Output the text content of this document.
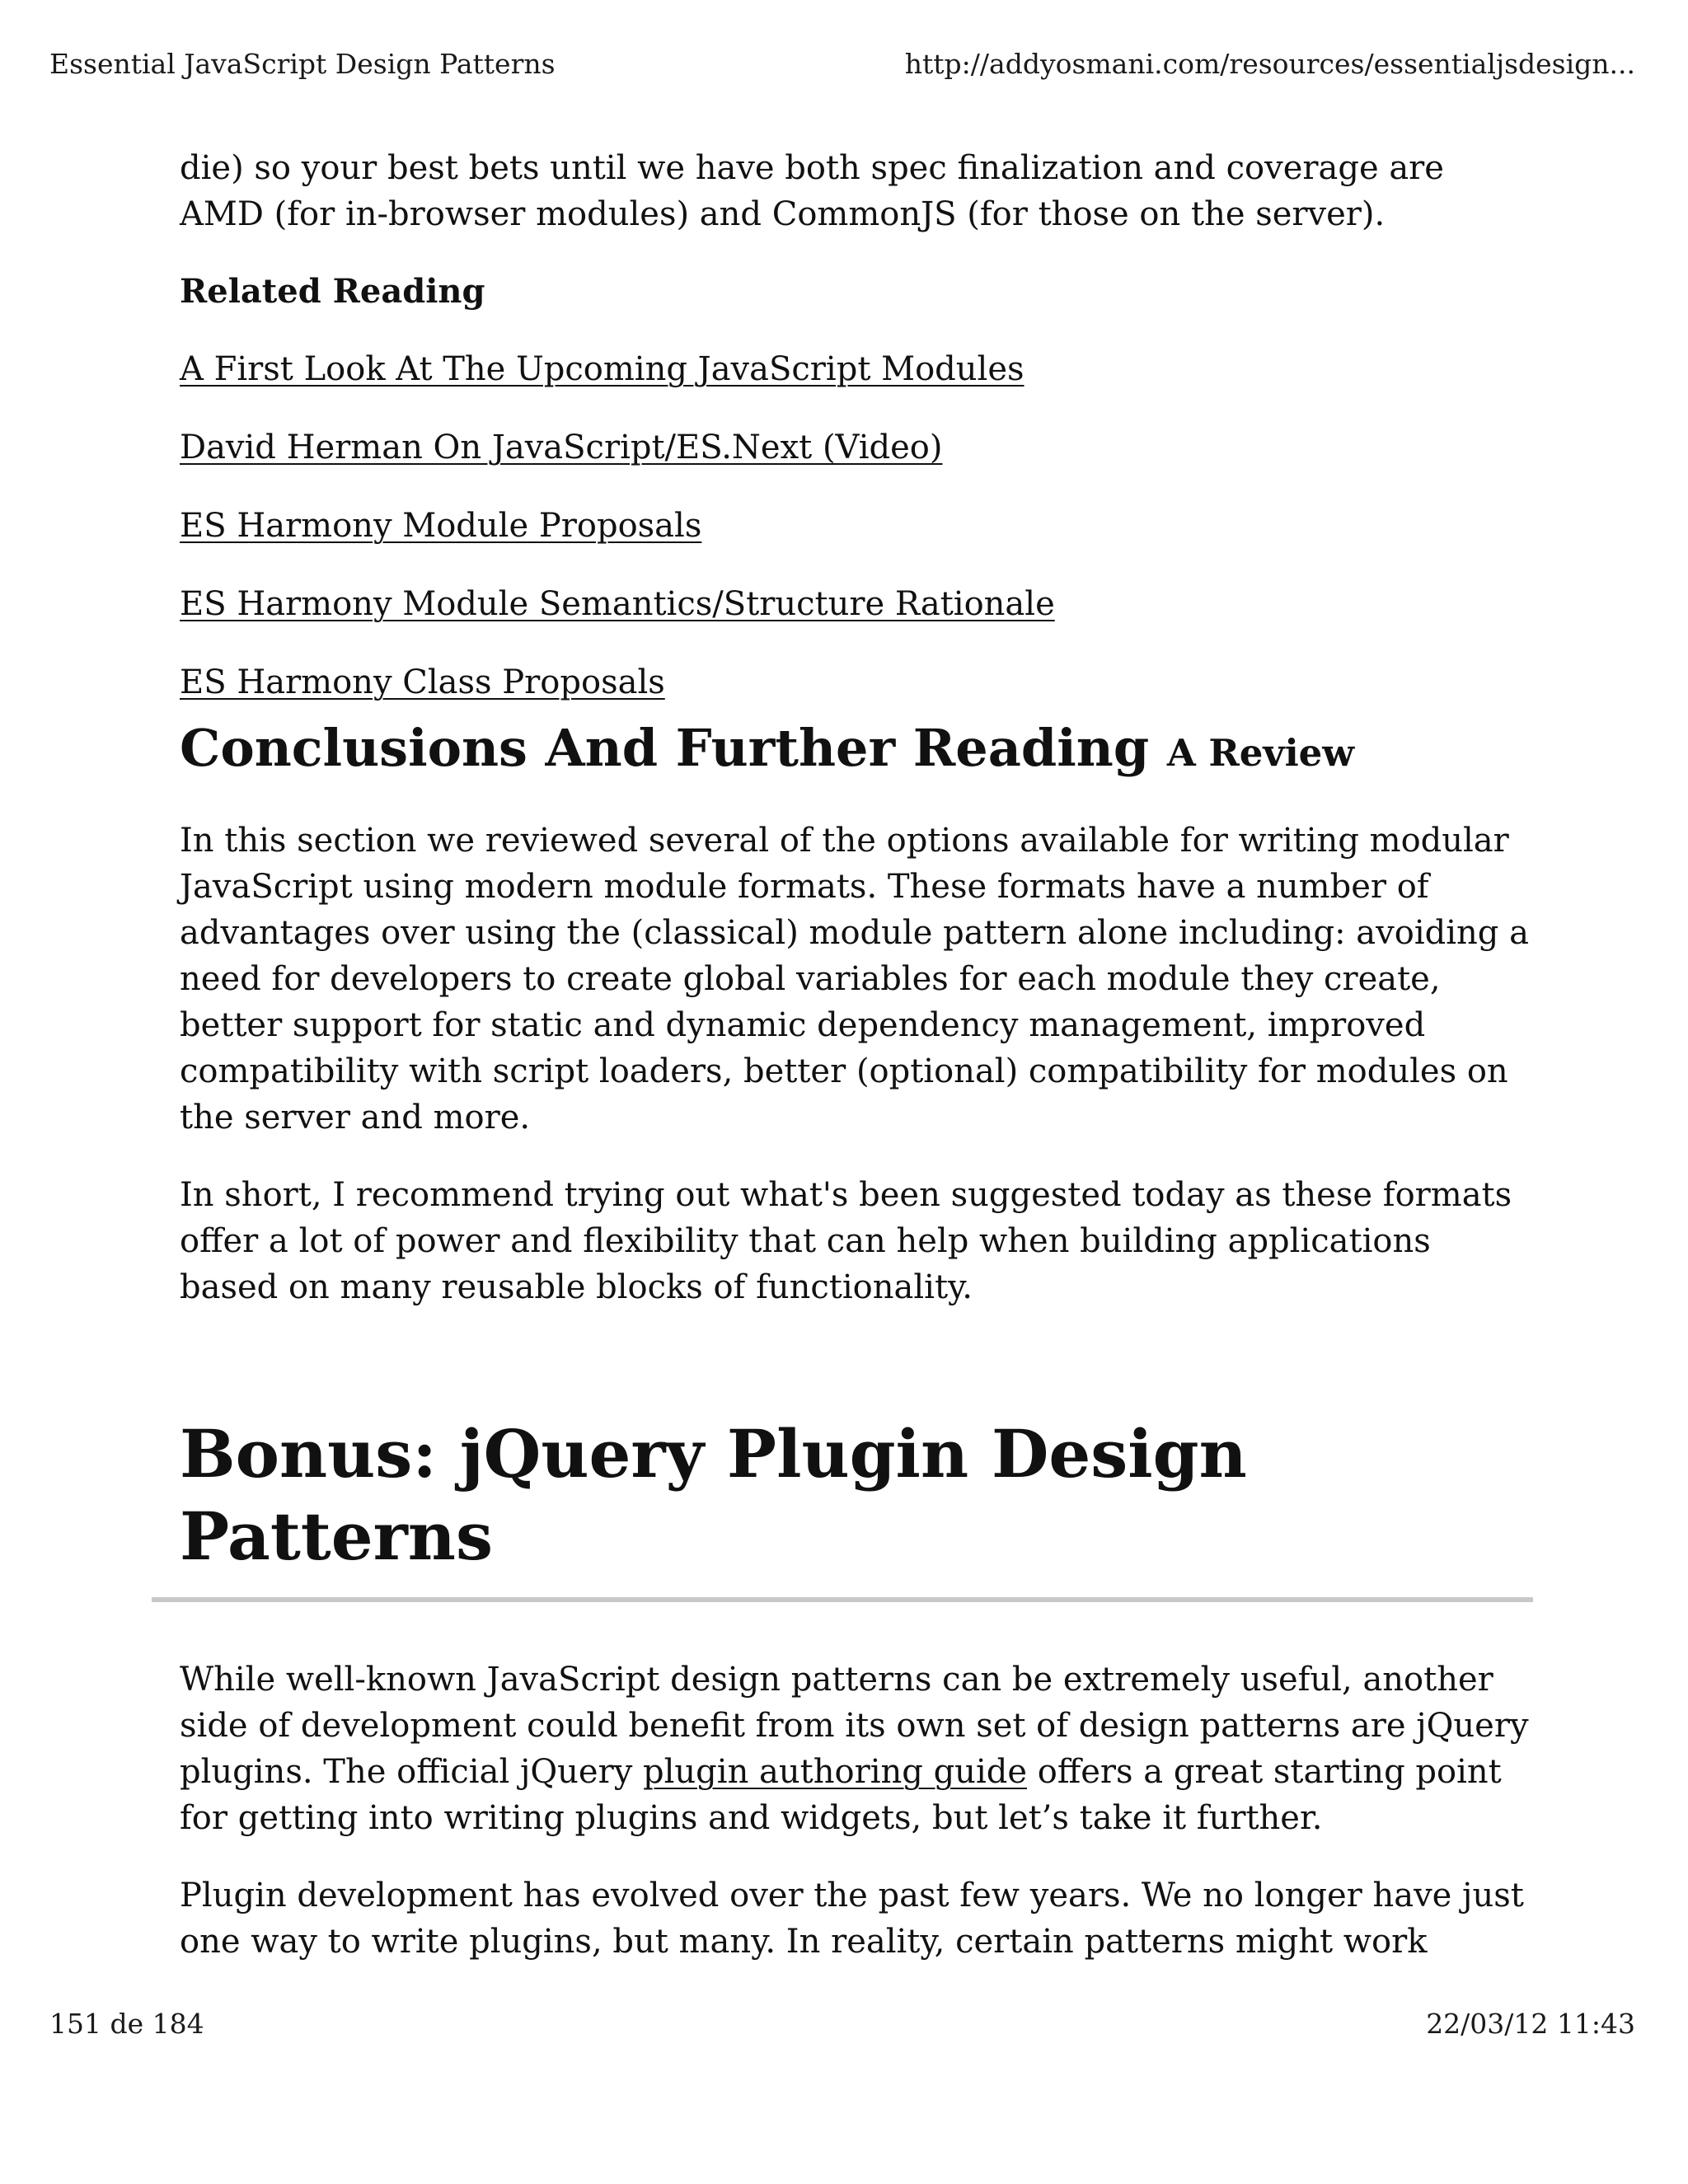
Essential JavaScript Design Patterns	http://addyosmani.com/resources/essentialjsdesign...

die) so your best bets until we have both spec finalization and coverage are AMD (for in-browser modules) and CommonJS (for those on the server).

Related Reading
A First Look At The Upcoming JavaScript Modules
David Herman On JavaScript/ES.Next (Video)
ES Harmony Module Proposals
ES Harmony Module Semantics/Structure Rationale
ES Harmony Class Proposals
Conclusions And Further Reading A Review

In this section we reviewed several of the options available for writing modular JavaScript using modern module formats. These formats have a number of advantages over using the (classical) module pattern alone including: avoiding a need for developers to create global variables for each module they create, better support for static and dynamic dependency management, improved compatibility with script loaders, better (optional) compatibility for modules on the server and more.

In short, I recommend trying out what's been suggested today as these formats offer a lot of power and flexibility that can help when building applications based on many reusable blocks of functionality.

Bonus: jQuery Plugin Design Patterns

While well-known JavaScript design patterns can be extremely useful, another side of development could benefit from its own set of design patterns are jQuery plugins. The official jQuery plugin authoring guide offers a great starting point for getting into writing plugins and widgets, but let’s take it further.

Plugin development has evolved over the past few years. We no longer have just one way to write plugins, but many. In reality, certain patterns might work

151 de 184	22/03/12 11:43
